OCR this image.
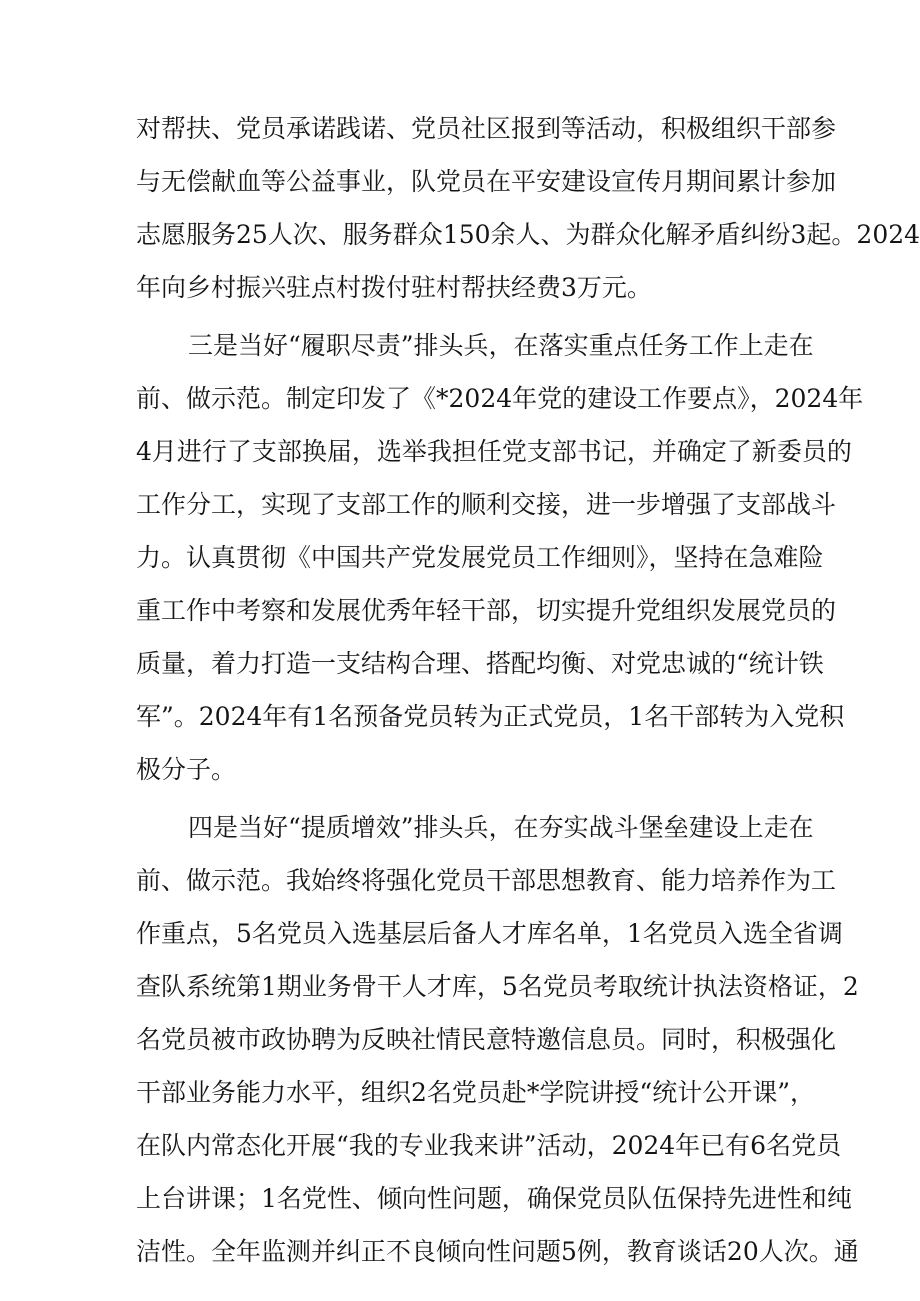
对帮扶、党员承诺践诺、党员社区报到等活动，积极组织干部参

与无偿献血等公益事业，队党员在平安建设宣传月期间累计参加

志愿服务25人次、服务群众150余人、为群众化解矛盾纠纷3起。2024

年向乡村振兴驻点村拨付驻村帮扶经费3万元。

三是当好“履职尽责”排头兵，在落实重点任务工作上走在

前、做示范。制定印发了《*2024年党的建设工作要点》，2024年

4月进行了支部换届，选举我担任党支部书记，并确定了新委员的

工作分工，实现了支部工作的顺利交接，进一步增强了支部战斗

力。认真贯彻《中国共产党发展党员工作细则》，坚持在急难险

重工作中考察和发展优秀年轻干部，切实提升党组织发展党员的

质量，着力打造一支结构合理、搭配均衡、对党忠诚的“统计铁

军”。2024年有1名预备党员转为正式党员，1名干部转为入党积

极分子。

四是当好“提质增效”排头兵，在夯实战斗堡垒建设上走在

前、做示范。我始终将强化党员干部思想教育、能力培养作为工

作重点，5名党员入选基层后备人才库名单，1名党员入选全省调

查队系统第1期业务骨干人才库，5名党员考取统计执法资格证，2

名党员被市政协聘为反映社情民意特邀信息员。同时，积极强化

干部业务能力水平，组织2名党员赴*学院讲授“统计公开课”，

在队内常态化开展“我的专业我来讲”活动，2024年已有6名党员

上台讲课；1名党性、倾向性问题，确保党员队伍保持先进性和纯

洁性。全年监测并纠正不良倾向性问题5例，教育谈话20人次。通
